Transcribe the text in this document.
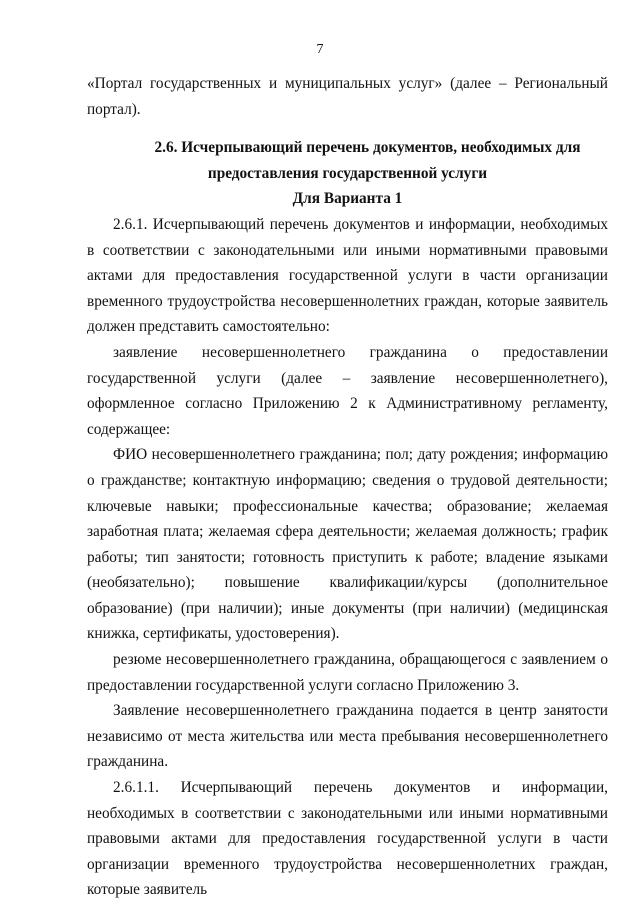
7

«Портал государственных и муниципальных услуг» (далее – Региональный портал).

2.6. Исчерпывающий перечень документов, необходимых для
предоставления государственной услуги
Для Варианта 1

2.6.1. Исчерпывающий перечень документов и информации, необходимых в соответствии с законодательными или иными нормативными правовыми актами для предоставления государственной услуги в части организации временного трудоустройства несовершеннолетних граждан, которые заявитель должен представить самостоятельно:

заявление несовершеннолетнего гражданина о предоставлении государственной услуги (далее – заявление несовершеннолетнего), оформленное согласно Приложению 2 к Административному регламенту, содержащее:

ФИО несовершеннолетнего гражданина; пол; дату рождения; информацию о гражданстве; контактную информацию; сведения о трудовой деятельности; ключевые навыки; профессиональные качества; образование; желаемая заработная плата; желаемая сфера деятельности; желаемая должность; график работы; тип занятости; готовность приступить к работе; владение языками (необязательно); повышение квалификации/курсы (дополнительное образование) (при наличии); иные документы (при наличии) (медицинская книжка, сертификаты, удостоверения).

резюме несовершеннолетнего гражданина, обращающегося с заявлением о предоставлении государственной услуги согласно Приложению 3.

Заявление несовершеннолетнего гражданина подается в центр занятости независимо от места жительства или места пребывания несовершеннолетнего гражданина.

2.6.1.1. Исчерпывающий перечень документов и информации, необходимых в соответствии с законодательными или иными нормативными правовыми актами для предоставления государственной услуги в части организации временного трудоустройства несовершеннолетних граждан, которые заявитель
